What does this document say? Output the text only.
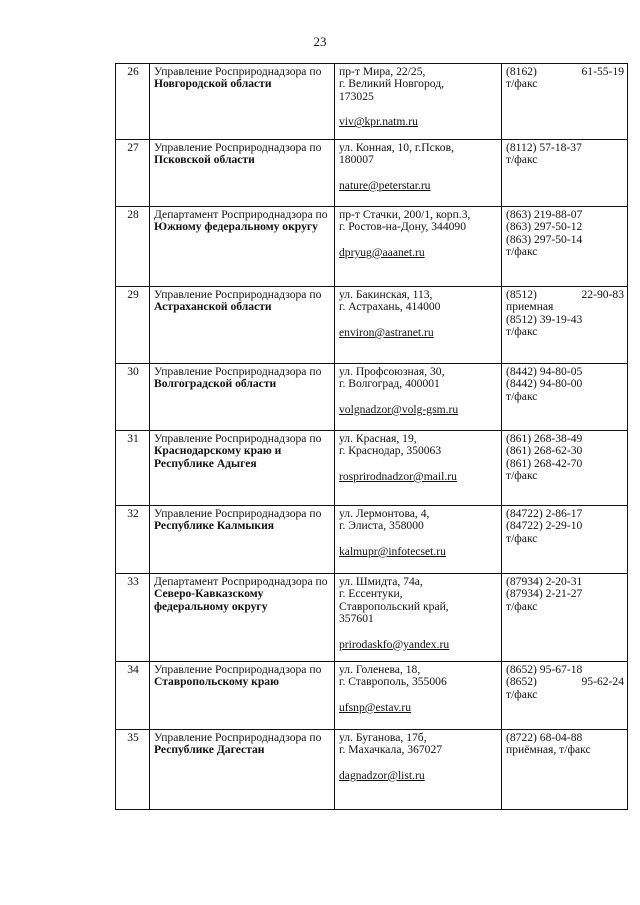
23
26	Управление Росприроднадзора по Новгородской области	пр-т Мира, 22/25,
г. Великий Новгород,
173025
viv@kpr.natm.ru	(8162) 61-55-19
т/факс

27	Управление Росприроднадзора по Псковской области	ул. Конная, 10, г.Псков,
180007
nature@peterstar.ru	(8112) 57-18-37
т/факс

28	Департамент Росприроднадзора по Южному федеральному округу	пр-т Стачки, 200/1, корп.3,
г. Ростов-на-Дону, 344090
dpryug@aaanet.ru	(863) 219-88-07
(863) 297-50-12
(863) 297-50-14
т/факс

29	Управление Росприроднадзора по Астраханской области	ул. Бакинская, 113,
г. Астрахань, 414000
environ@astranet.ru	(8512) 22-90-83
приемная
(8512) 39-19-43
т/факс

30	Управление Росприроднадзора по Волгоградской области	ул. Профсоюзная, 30,
г. Волгоград, 400001
volgnadzor@volg-gsm.ru	(8442) 94-80-05
(8442) 94-80-00
т/факс

31	Управление Росприроднадзора по Краснодарскому краю и Республике Адыгея	ул. Красная, 19,
г. Краснодар, 350063
rosprirodnadzor@mail.ru	(861) 268-38-49
(861) 268-62-30
(861) 268-42-70
т/факс

32	Управление Росприроднадзора по Республике Калмыкия	ул. Лермонтова, 4,
г. Элиста, 358000
kalmupr@infotecset.ru	(84722) 2-86-17
(84722) 2-29-10
т/факс

33	Департамент Росприроднадзора по Северо-Кавказскому федеральному округу	ул. Шмидта, 74а,
г. Ессентуки,
Ставропольский край,
357601
prirodaskfo@yandex.ru	(87934) 2-20-31
(87934) 2-21-27
т/факс

34	Управление Росприроднадзора по Ставропольскому краю	ул. Голенева, 18,
г. Ставрополь, 355006
ufsnp@estav.ru	(8652) 95-67-18
(8652) 95-62-24
т/факс

35	Управление Росприроднадзора по Республике Дагестан	ул. Буганова, 17б,
г. Махачкала, 367027
dagnadzor@list.ru	(8722) 68-04-88
приёмная, т/факс
